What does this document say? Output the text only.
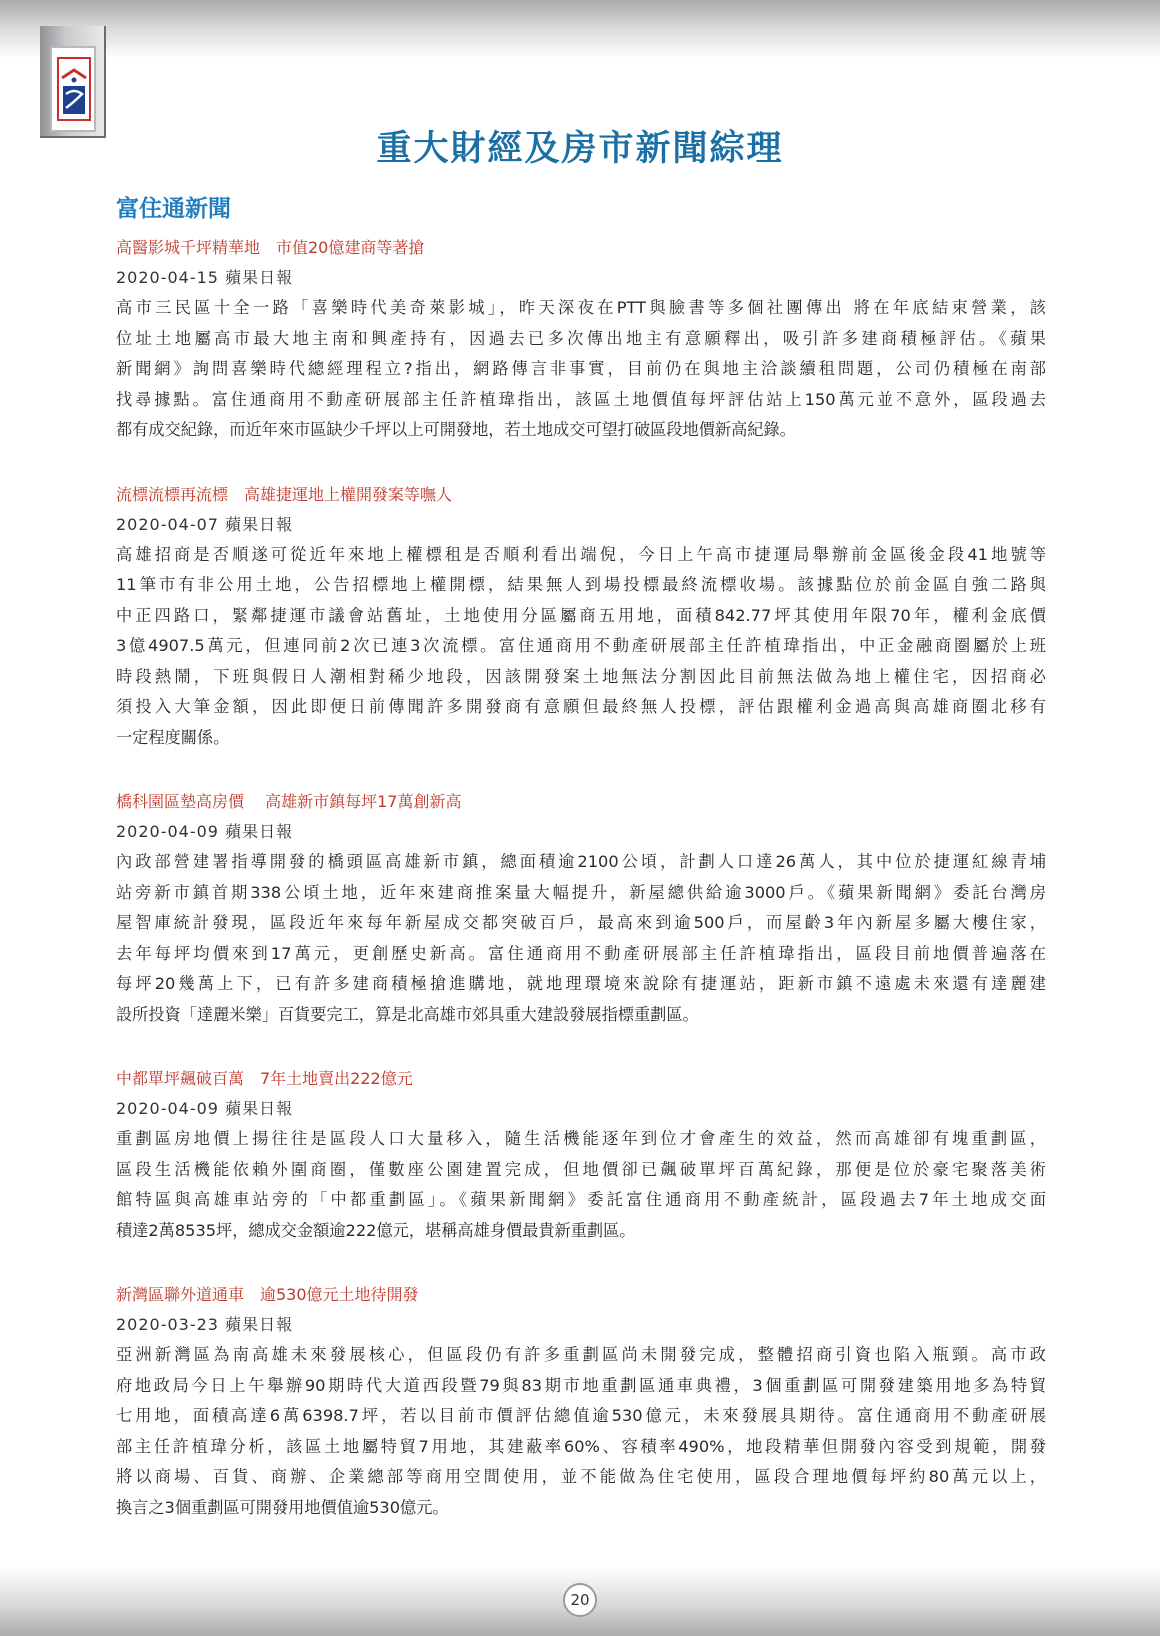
重大財經及房市新聞綜理
富住通新聞
高醫影城千坪精華地　市值20億建商等著搶
2020-04-15 蘋果日報
高市三民區十全一路「喜樂時代美奇萊影城」，昨天深夜在PTT與臉書等多個社團傳出 將在年底結束營業，該
位址土地屬高市最大地主南和興產持有，因過去已多次傳出地主有意願釋出，吸引許多建商積極評估。《蘋果
新聞網》詢問喜樂時代總經理程立?指出，網路傳言非事實，目前仍在與地主洽談續租問題，公司仍積極在南部
找尋據點。富住通商用不動產研展部主任許植瑋指出，該區土地價值每坪評估站上150萬元並不意外，區段過去
都有成交紀錄，而近年來市區缺少千坪以上可開發地，若土地成交可望打破區段地價新高紀錄。
流標流標再流標　高雄捷運地上權開發案等嘸人
2020-04-07 蘋果日報
高雄招商是否順遂可從近年來地上權標租是否順利看出端倪，今日上午高市捷運局舉辦前金區後金段41地號等
11筆市有非公用土地，公告招標地上權開標，結果無人到場投標最終流標收場。該據點位於前金區自強二路與
中正四路口，緊鄰捷運市議會站舊址，土地使用分區屬商五用地，面積842.77坪其使用年限70年，權利金底價
3億4907.5萬元，但連同前2次已連3次流標。富住通商用不動產研展部主任許植瑋指出，中正金融商圈屬於上班
時段熱鬧，下班與假日人潮相對稀少地段，因該開發案土地無法分割因此目前無法做為地上權住宅，因招商必
須投入大筆金額，因此即便日前傳聞許多開發商有意願但最終無人投標，評估跟權利金過高與高雄商圈北移有
一定程度關係。
橋科園區墊高房價　 高雄新市鎮每坪17萬創新高
2020-04-09 蘋果日報
內政部營建署指導開發的橋頭區高雄新市鎮，總面積逾2100公頃，計劃人口達26萬人，其中位於捷運紅線青埔
站旁新市鎮首期338公頃土地，近年來建商推案量大幅提升，新屋總供給逾3000戶。《蘋果新聞網》委託台灣房
屋智庫統計發現，區段近年來每年新屋成交都突破百戶，最高來到逾500戶，而屋齡3年內新屋多屬大樓住家，
去年每坪均價來到17萬元，更創歷史新高。富住通商用不動產研展部主任許植瑋指出，區段目前地價普遍落在
每坪20幾萬上下，已有許多建商積極搶進購地，就地理環境來說除有捷運站，距新市鎮不遠處未來還有達麗建
設所投資「達麗米樂」百貨要完工，算是北高雄市郊具重大建設發展指標重劃區。
中都單坪飆破百萬　7年土地賣出222億元
2020-04-09 蘋果日報
重劃區房地價上揚往往是區段人口大量移入，隨生活機能逐年到位才會產生的效益，然而高雄卻有塊重劃區，
區段生活機能依賴外圍商圈，僅數座公園建置完成，但地價卻已飆破單坪百萬紀錄，那便是位於豪宅聚落美術
館特區與高雄車站旁的「中都重劃區」。《蘋果新聞網》委託富住通商用不動產統計，區段過去7年土地成交面
積達2萬8535坪，總成交金額逾222億元，堪稱高雄身價最貴新重劃區。
新灣區聯外道通車　逾530億元土地待開發
2020-03-23 蘋果日報
亞洲新灣區為南高雄未來發展核心，但區段仍有許多重劃區尚未開發完成，整體招商引資也陷入瓶頸。高市政
府地政局今日上午舉辦90期時代大道西段暨79與83期市地重劃區通車典禮，3個重劃區可開發建築用地多為特貿
七用地，面積高達6萬6398.7坪，若以目前市價評估總值逾530億元，未來發展具期待。富住通商用不動產研展
部主任許植瑋分析，該區土地屬特貿7用地，其建蔽率60%、容積率490%，地段精華但開發內容受到規範，開發
將以商場、百貨、商辦、企業總部等商用空間使用，並不能做為住宅使用，區段合理地價每坪約80萬元以上，
換言之3個重劃區可開發用地價值逾530億元。
20
